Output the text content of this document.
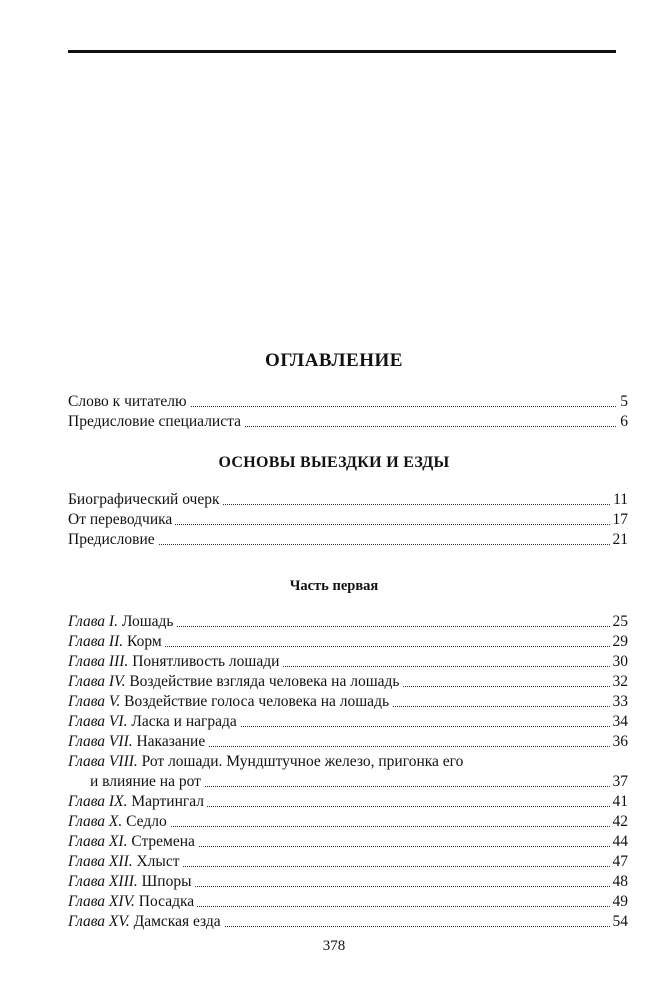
ОГЛАВЛЕНИЕ
Слово к читателю	5
Предисловие специалиста	6
ОСНОВЫ ВЫЕЗДКИ И ЕЗДЫ
Биографический очерк	11
От переводчика	17
Предисловие	21
Часть первая
Глава I. Лошадь	25
Глава II. Корм	29
Глава III. Понятливость лошади	30
Глава IV. Воздействие взгляда человека на лошадь	32
Глава V. Воздействие голоса человека на лошадь	33
Глава VI. Ласка и награда	34
Глава VII. Наказание	36
Глава VIII. Рот лошади. Мундштучное железо, пригонка его
и влияние на рот	37
Глава IX. Мартингал	41
Глава X. Седло	42
Глава XI. Стремена	44
Глава XII. Хлыст	47
Глава XIII. Шпоры	48
Глава XIV. Посадка	49
Глава XV. Дамская езда	54
378
